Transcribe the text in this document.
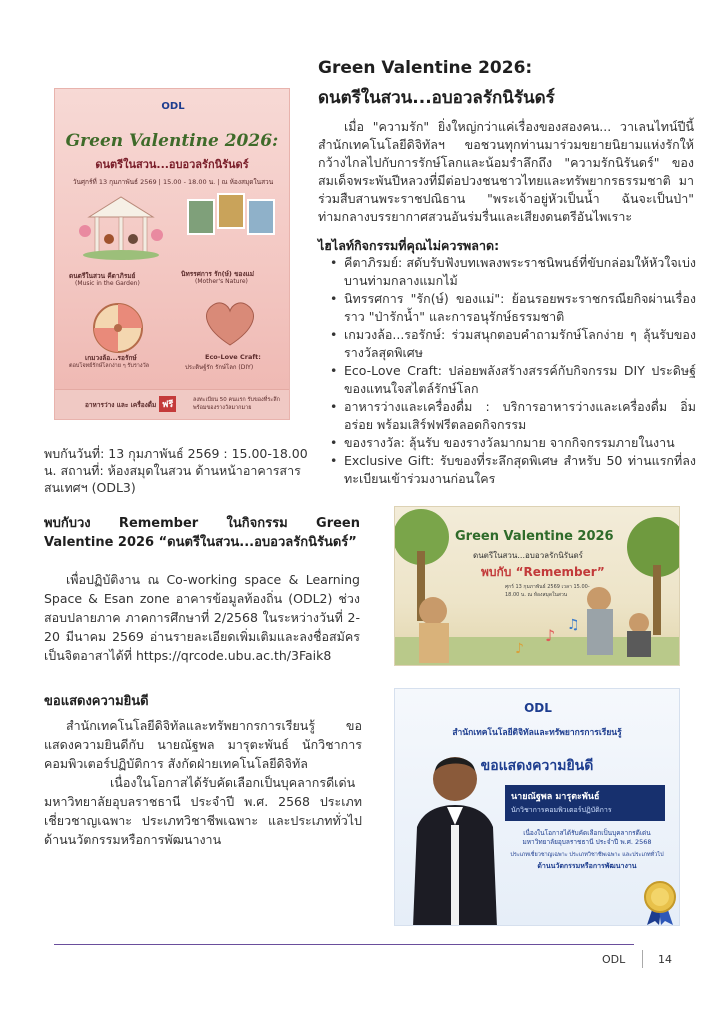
ODL
Green Valentine 2026:
ดนตรีในสวน...อบอวลรักนิรันดร์
วันศุกร์ที่ 13 กุมภาพันธ์ 2569 | 15.00 - 18.00 น. | ณ ห้องสมุดในสวน
ดนตรีในสวน คีตาภิรมย์
(Music in the Garden)
นิทรรศการ รัก(ษ์) ของแม่
(Mother's Nature)
เกมวงล้อ...รอรักษ์
ตอบโจทย์รักษ์โลกง่าย ๆ รับรางวัล
Eco-Love Craft:
ประดิษฐ์รัก รักษ์โลก (DIY)
อาหารว่าง และ เครื่องดื่ม ฟรี	ลงทะเบียน 50 คนแรก รับของที่ระลึก พร้อมของรางวัลมากมาย
พบกันวันที่: 13 กุมภาพันธ์ 2569 : 15.00-18.00 น. สถานที่: ห้องสมุดในสวน ด้านหน้าอาคารสารสนเทศฯ (ODL3)
Green Valentine 2026:
ดนตรีในสวน...อบอวลรักนิรันดร์
เมื่อ "ความรัก" ยิ่งใหญ่กว่าแค่เรื่องของสองคน... วาเลนไทน์ปีนี้ สำนักเทคโนโลยีดิจิทัลฯ ขอชวนทุกท่านมาร่วมขยายนิยามแห่งรักให้กว้างไกลไปกับการรักษ์โลกและน้อมรำลึกถึง "ความรักนิรันดร์" ของสมเด็จพระพันปีหลวงที่มีต่อปวงชนชาวไทยและทรัพยากรธรรมชาติ มาร่วมสืบสานพระราชปณิธาน "พระเจ้าอยู่หัวเป็นน้ำ ฉันจะเป็นป่า" ท่ามกลางบรรยากาศสวนอันร่มรื่นและเสียงดนตรีอันไพเราะ
ไฮไลท์กิจกรรมที่คุณไม่ควรพลาด:
• คีตาภิรมย์: สดับรับฟังบทเพลงพระราชนิพนธ์ที่ขับกล่อมให้หัวใจเบ่งบานท่ามกลางแมกไม้
• นิทรรศการ "รัก(ษ์) ของแม่": ย้อนรอยพระราชกรณียกิจผ่านเรื่องราว "ป่ารักน้ำ" และการอนุรักษ์ธรรมชาติ
• เกมวงล้อ...รอรักษ์: ร่วมสนุกตอบคำถามรักษ์โลกง่าย ๆ ลุ้นรับของรางวัลสุดพิเศษ
• Eco-Love Craft: ปล่อยพลังสร้างสรรค์กับกิจกรรม DIY ประดิษฐ์ของแทนใจสไตล์รักษ์โลก
• อาหารว่างและเครื่องดื่ม : บริการอาหารว่างและเครื่องดื่ม อิ่ม อร่อย พร้อมเสิร์ฟฟรีตลอดกิจกรรม
• ของรางวัล: ลุ้นรับ ของรางวัลมากมาย จากกิจกรรมภายในงาน
• Exclusive Gift: รับของที่ระลึกสุดพิเศษ สำหรับ 50 ท่านแรกที่ลงทะเบียนเข้าร่วมงานก่อนใคร
พบกับวง Remember ในกิจกรรม Green
Valentine 2026 “ดนตรีในสวน...อบอวลรักนิรันดร์”
เพื่อปฏิบัติงาน ณ Co-working space & Learning Space & Esan zone อาคารข้อมูลท้องถิ่น (ODL2) ช่วงสอบปลายภาค ภาคการศึกษาที่ 2/2568 ในระหว่างวันที่ 2-20 มีนาคม 2569 อ่านรายละเอียดเพิ่มเติมและลงชื่อสมัครเป็นจิตอาสาได้ที่ https://qrcode.ubu.ac.th/3Faik8
♪
♫
♪
Green Valentine 2026
ดนตรีในสวน...อบอวลรักนิรันดร์
พบกับ “Remember”
ศุกร์ 13 กุมภาพันธ์ 2569 เวลา 15.00-18.00 น. ณ ห้องสมุดในสวน
ขอแสดงความยินดี

สำนักเทคโนโลยีดิจิทัลและทรัพยากรการเรียนรู้ ขอแสดงความยินดีกับ นายณัฐพล มารุตะพันธ์ นักวิชาการคอมพิวเตอร์ปฏิบัติการ สังกัดฝ่ายเทคโนโลยีดิจิทัล

เนื่องในโอกาสได้รับคัดเลือกเป็นบุคลากรดีเด่นมหาวิทยาลัยอุบลราชธานี ประจำปี พ.ศ. 2568 ประเภทเชี่ยวชาญเฉพาะ ประเภทวิชาชีพเฉพาะ และประเภททั่วไป ด้านนวัตกรรมหรือการพัฒนางาน

ODL
สำนักเทคโนโลยีดิจิทัลและทรัพยากรการเรียนรู้
ขอแสดงความยินดี
นายณัฐพล มารุตะพันธ์
นักวิชาการคอมพิวเตอร์ปฏิบัติการ
เนื่องในโอกาสได้รับคัดเลือกเป็นบุคลากรดีเด่น มหาวิทยาลัยอุบลราชธานี ประจำปี พ.ศ. 2568
ประเภทเชี่ยวชาญเฉพาะ ประเภทวิชาชีพเฉพาะ และประเภททั่วไป
ด้านนวัตกรรมหรือการพัฒนางาน
ODL	14
